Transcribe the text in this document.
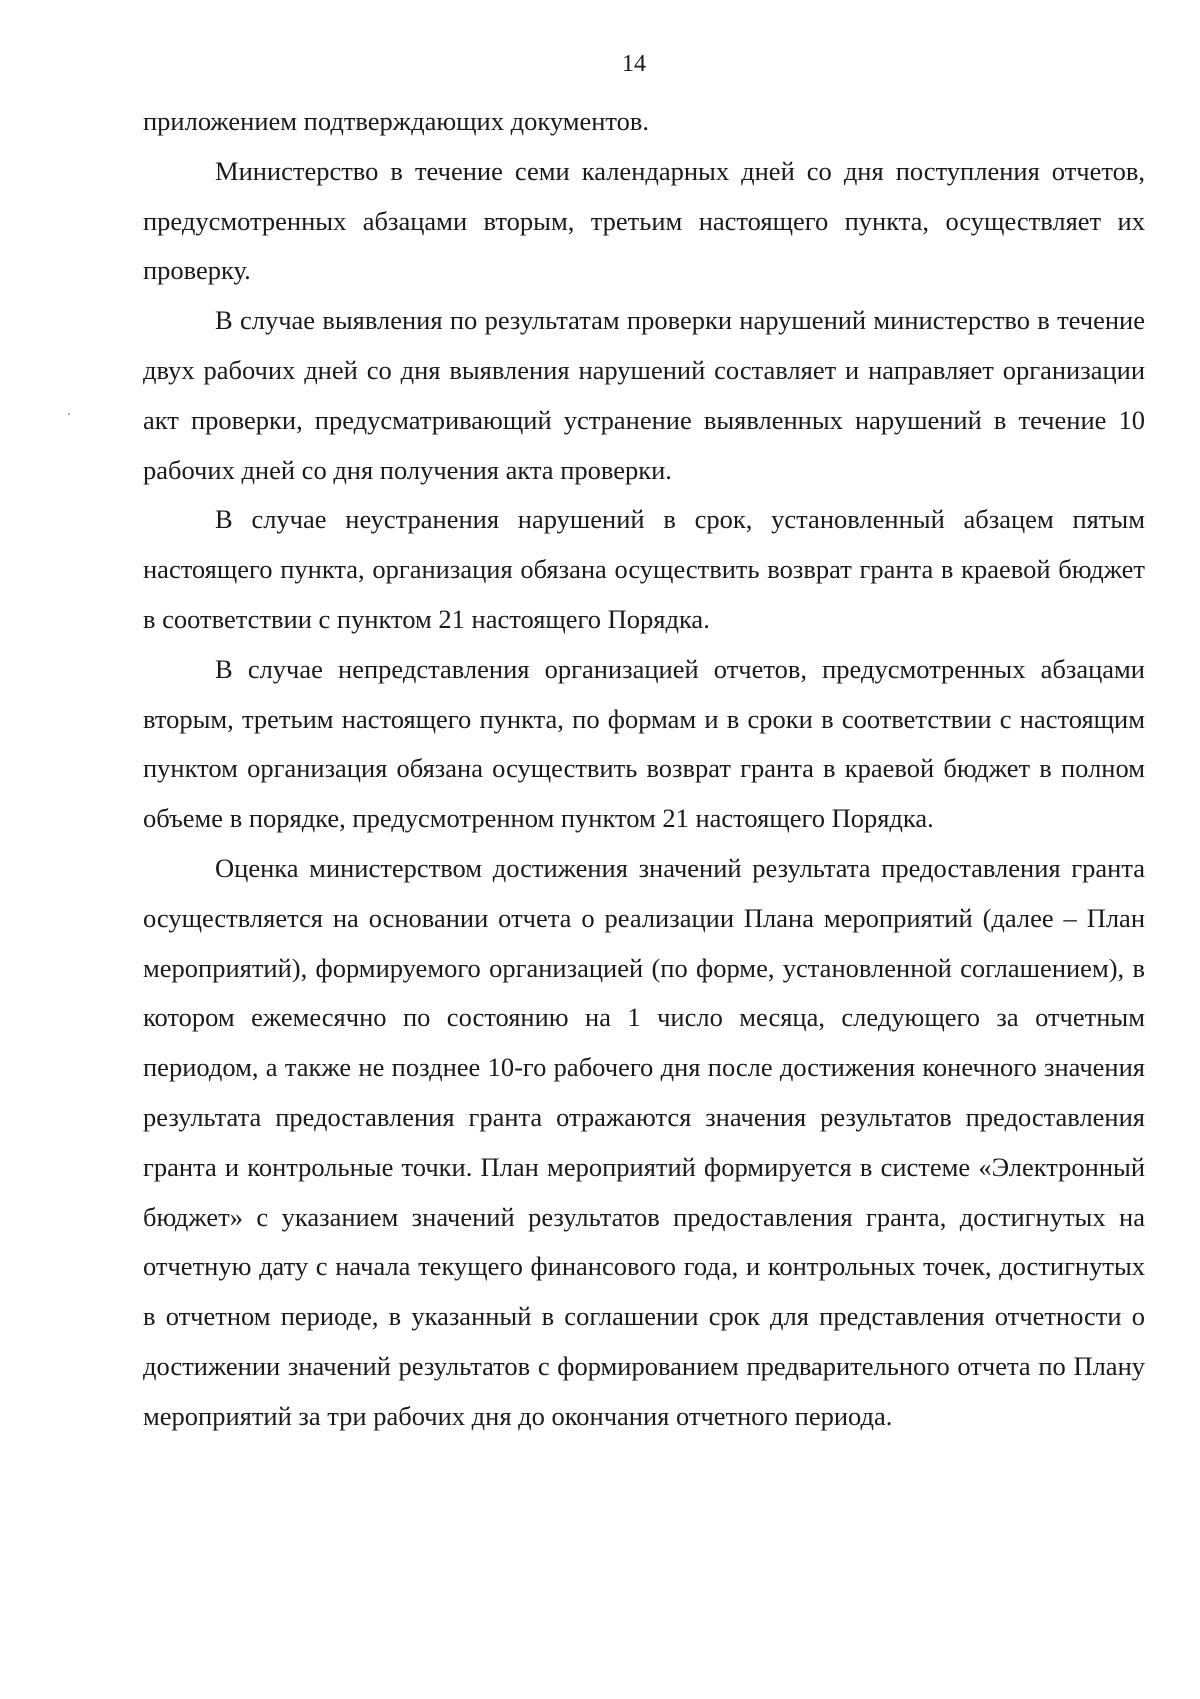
14

приложением подтверждающих документов.

Министерство в течение семи календарных дней со дня поступления отчетов, предусмотренных абзацами вторым, третьим настоящего пункта, осуществляет их проверку.

В случае выявления по результатам проверки нарушений министерство в течение двух рабочих дней со дня выявления нарушений составляет и направляет организации акт проверки, предусматривающий устранение выявленных нарушений в течение 10 рабочих дней со дня получения акта проверки.

В случае неустранения нарушений в срок, установленный абзацем пятым настоящего пункта, организация обязана осуществить возврат гранта в краевой бюджет в соответствии с пунктом 21 настоящего Порядка.

В случае непредставления организацией отчетов, предусмотренных абзацами вторым, третьим настоящего пункта, по формам и в сроки в соответствии с настоящим пунктом организация обязана осуществить возврат гранта в краевой бюджет в полном объеме в порядке, предусмотренном пунктом 21 настоящего Порядка.

Оценка министерством достижения значений результата предоставления гранта осуществляется на основании отчета о реализации Плана мероприятий (далее – План мероприятий), формируемого организацией (по форме, установленной соглашением), в котором ежемесячно по состоянию на 1 число месяца, следующего за отчетным периодом, а также не позднее 10-го рабочего дня после достижения конечного значения результата предоставления гранта отражаются значения результатов предоставления гранта и контрольные точки. План мероприятий формируется в системе «Электронный бюджет» с указанием значений результатов предоставления гранта, достигнутых на отчетную дату с начала текущего финансового года, и контрольных точек, достигнутых в отчетном периоде, в указанный в соглашении срок для представления отчетности о достижении значений результатов с формированием предварительного отчета по Плану мероприятий за три рабочих дня до окончания отчетного периода.
